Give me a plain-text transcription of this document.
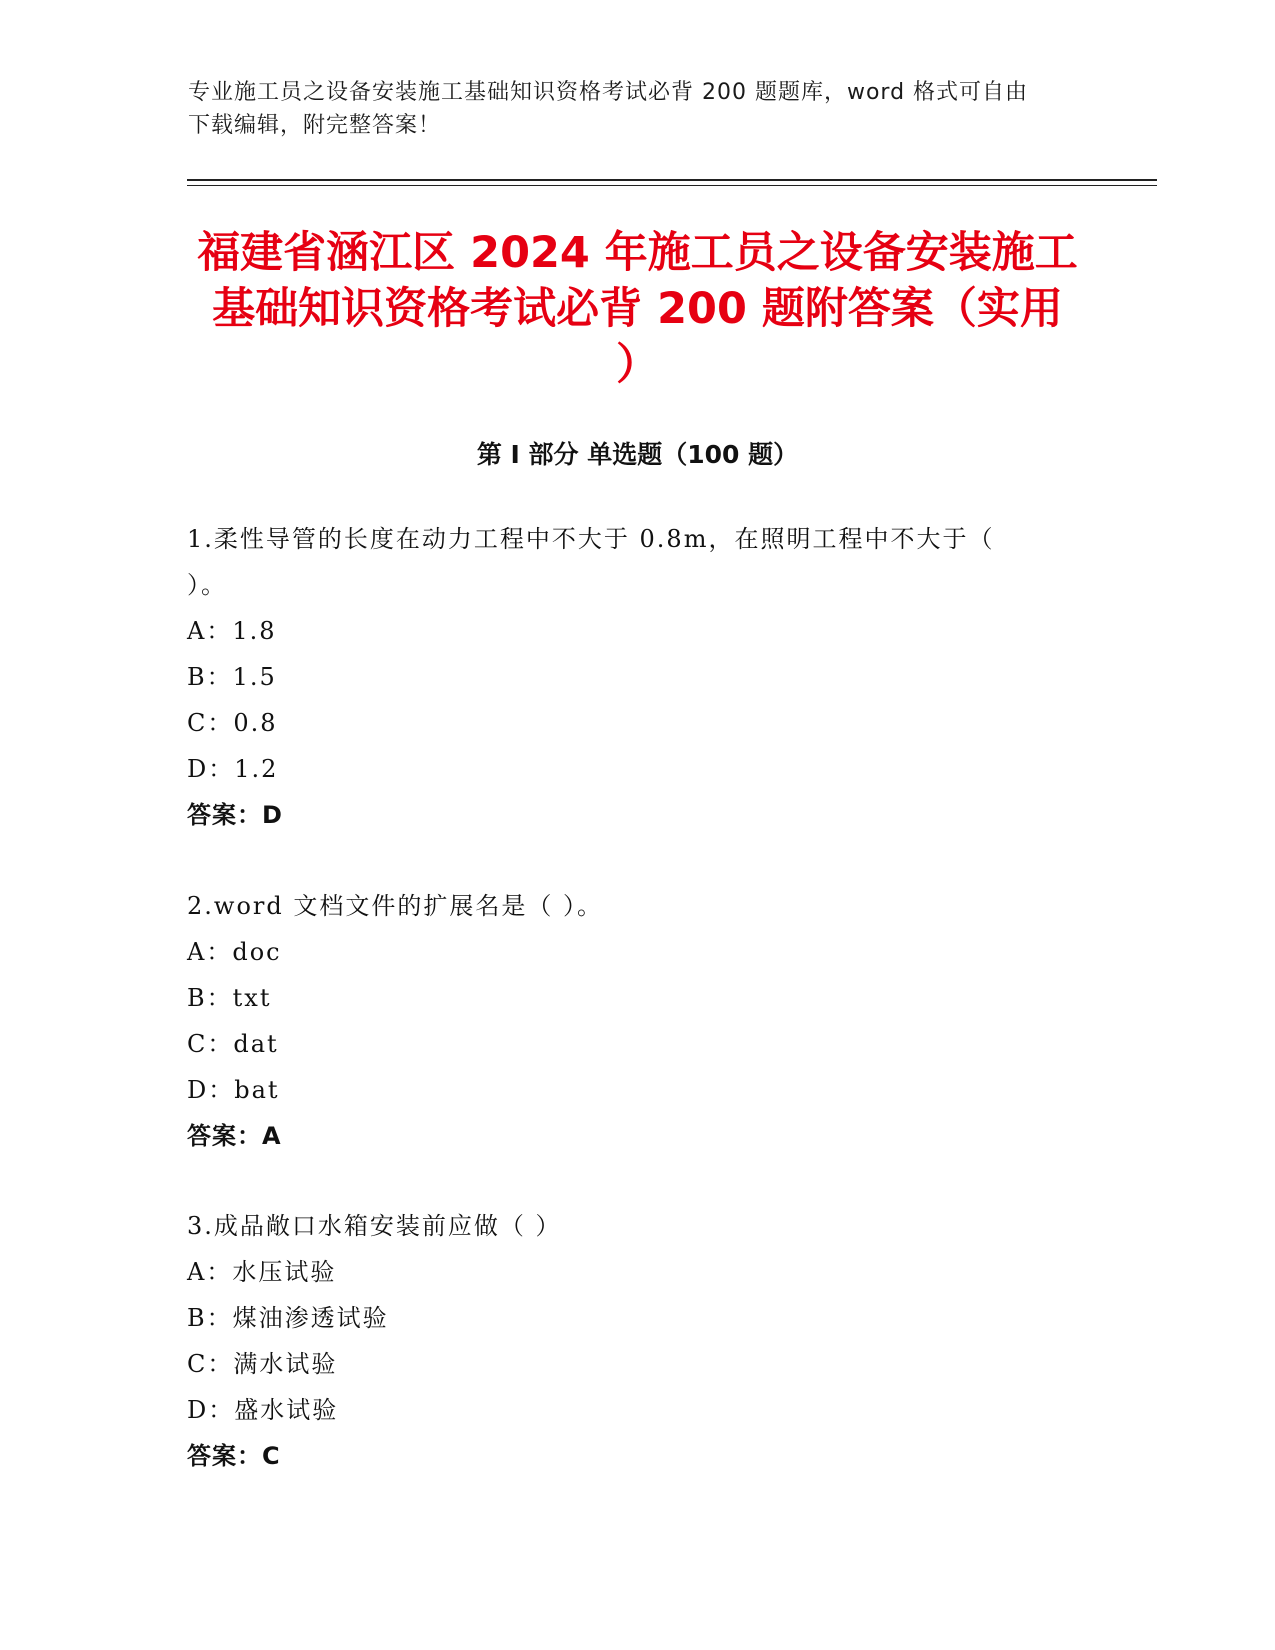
专业施工员之设备安装施工基础知识资格考试必背 200 题题库，word 格式可自由
下载编辑，附完整答案！
福建省涵江区 2024 年施工员之设备安装施工
基础知识资格考试必背 200 题附答案（实用
）
第 I 部分 单选题（100 题）
1.柔性导管的长度在动力工程中不大于 0.8m，在照明工程中不大于（
）。
A：1.8
B：1.5
C：0.8
D：1.2
答案：D
2.word 文档文件的扩展名是（ ）。
A：doc
B：txt
C：dat
D：bat
答案：A
3.成品敞口水箱安装前应做（ ）
A：水压试验
B：煤油渗透试验
C：满水试验
D：盛水试验
答案：C
